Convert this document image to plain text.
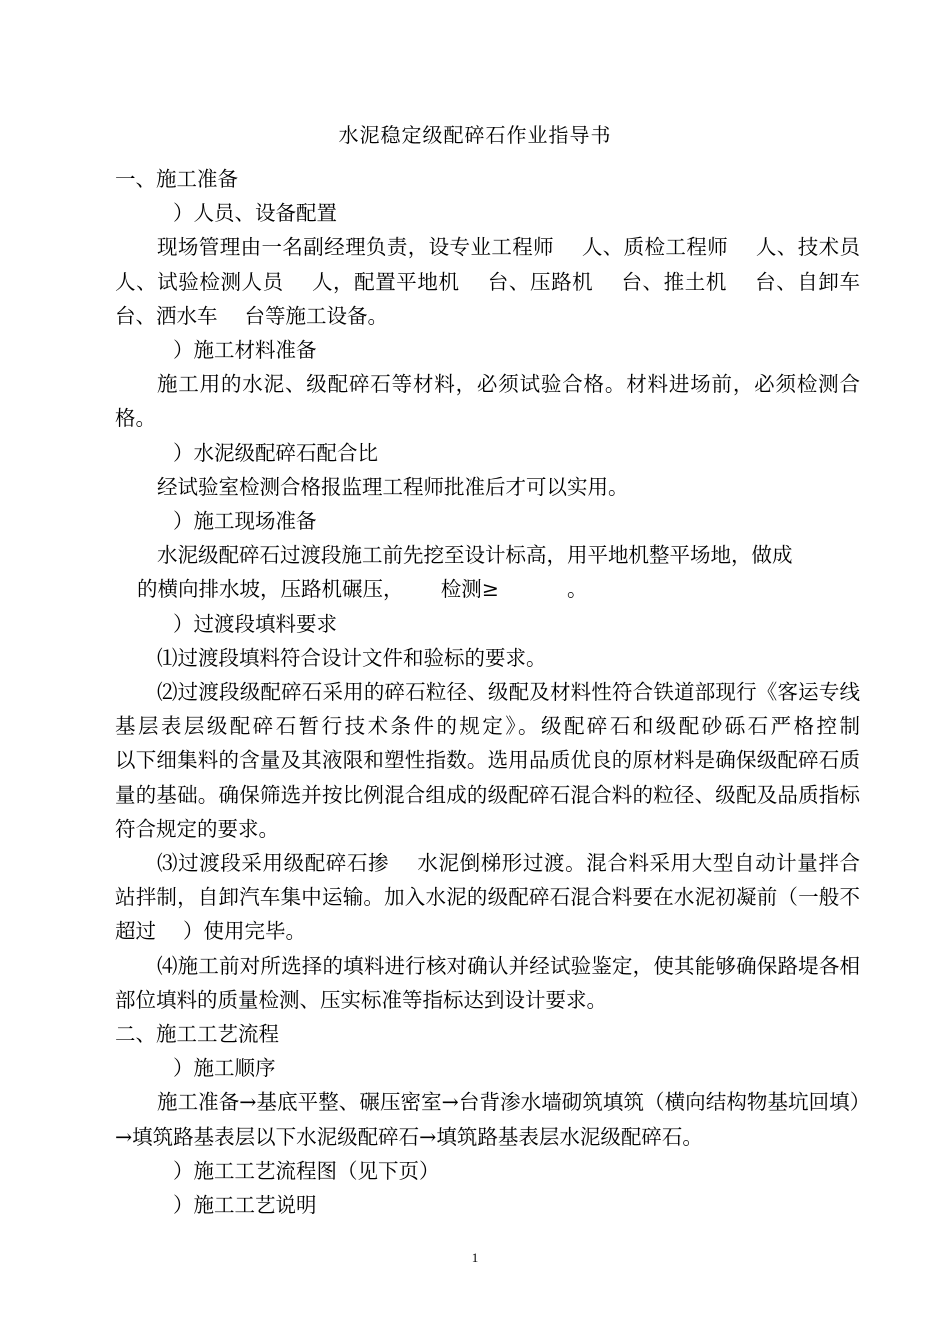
水泥稳定级配碎石作业指导书

一、施工准备

）人员、设备配置

现场管理由一名副经理负责，设专业工程师　 人、质检工程师　 人、技术员　 人、试验检测人员　 人，配置平地机　 台、压路机　 台、推土机　 台、自卸车　 台、洒水车　 台等施工设备。

）施工材料准备

施工用的水泥、级配碎石等材料，必须试验合格。材料进场前，必须检测合格。

）水泥级配碎石配合比

经试验室检测合格报监理工程师批准后才可以实用。

）施工现场准备

水泥级配碎石过渡段施工前先挖至设计标高，用平地机整平场地，做成

的横向排水坡，压路机碾压，　　 检测≥　　　 。

）过渡段填料要求

⑴过渡段填料符合设计文件和验标的要求。

⑵过渡段级配碎石采用的碎石粒径、级配及材料性符合铁道部现行《客运专线基层表层级配碎石暂行技术条件的规定》。级配碎石和级配砂砾石严格控制　　　 以下细集料的含量及其液限和塑性指数。选用品质优良的原材料是确保级配碎石质量的基础。确保筛选并按比例混合组成的级配碎石混合料的粒径、级配及品质指标符合规定的要求。

⑶过渡段采用级配碎石掺　 水泥倒梯形过渡。混合料采用大型自动计量拌合站拌制，自卸汽车集中运输。加入水泥的级配碎石混合料要在水泥初凝前（一般不超过　 ）使用完毕。

⑷施工前对所选择的填料进行核对确认并经试验鉴定，使其能够确保路堤各相部位填料的质量检测、压实标准等指标达到设计要求。

二、施工工艺流程

）施工顺序

施工准备→基底平整、碾压密室→台背渗水墙砌筑填筑（横向结构物基坑回填）→填筑路基表层以下水泥级配碎石→填筑路基表层水泥级配碎石。

）施工工艺流程图（见下页）

）施工工艺说明

1
